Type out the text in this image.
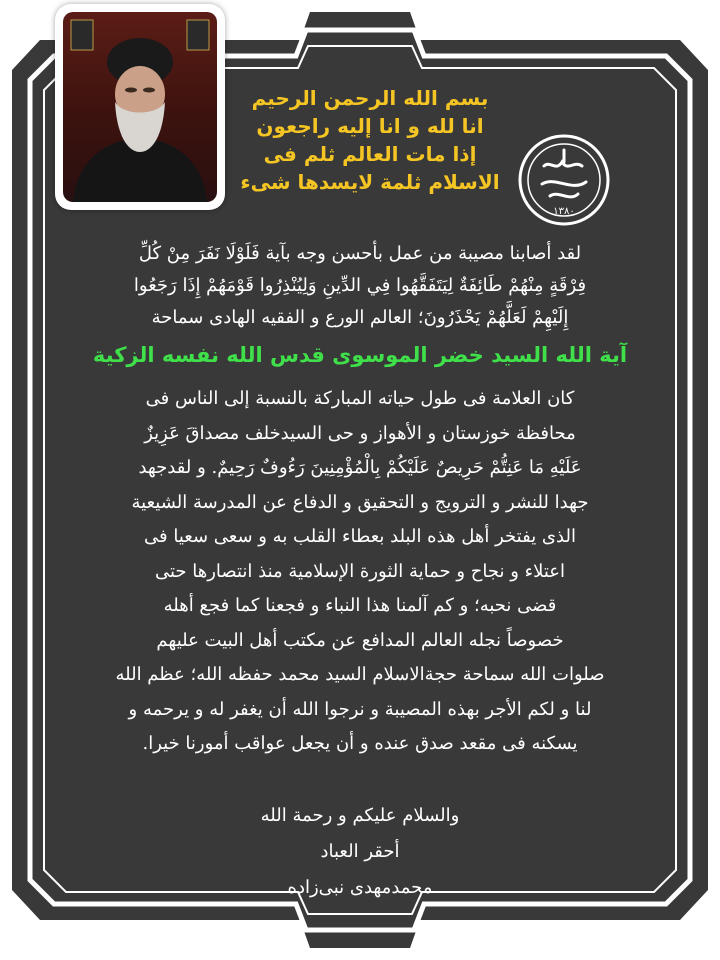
۱۳۸۰
بسم الله الرحمن الرحيم
انا لله و انا إليه راجعون
إذا مات العالم ثلم فی
الاسلام ثلمة لایسدها شیء
لقد أصابنا مصيبة من عمل بأحسن وجه بآية فَلَوْلَا نَفَرَ مِنْ كُلِّ
فِرْقَةٍ مِنْهُمْ طَائِفَةٌ لِيَتَفَقَّهُوا فِي الدِّينِ وَلِيُنْذِرُوا قَوْمَهُمْ إِذَا رَجَعُوا
إِلَيْهِمْ لَعَلَّهُمْ يَحْذَرُونَ؛ العالم الورع و الفقيه الهادی سماحة
آية الله السید خضر الموسوی قدس الله نفسه الزکیة
کان العلامة فی طول حیاته المبارکة بالنسبة إلی الناس فی
محافظة خوزستان و الأهواز و حی السیدخلف مصداقَ عَزِيزٌ
عَلَيْهِ مَا عَنِتُّمْ حَرِيصٌ عَلَيْكُمْ بِالْمُؤْمِنِينَ رَءُوفٌ رَحِيمٌ. و لقدجهد
جهدا للنشر و الترویج و التحقیق و الدفاع عن المدرسة الشیعیة
الذی یفتخر أهل هذه البلد بعطاء القلب به و سعی سعیا فی
اعتلاء و نجاح و حمایة الثورة الإسلامیة منذ انتصارها حتی
قضی نحبه؛ و کم آلمنا هذا النباء و فجعنا کما فجع أهله
خصوصاً نجله العالم المدافع عن مکتب أهل البیت علیهم
صلوات الله سماحة حجةالاسلام السید محمد حفظه الله؛ عظم الله
لنا و لکم الأجر بهذه المصیبة و نرجوا الله أن یغفر له و یرحمه و
یسکنه فی مقعد صدق عنده و أن یجعل عواقب أمورنا خیرا.
والسلام علیکم و رحمة الله
أحقر العباد
محمدمهدی نبی‌زاده
